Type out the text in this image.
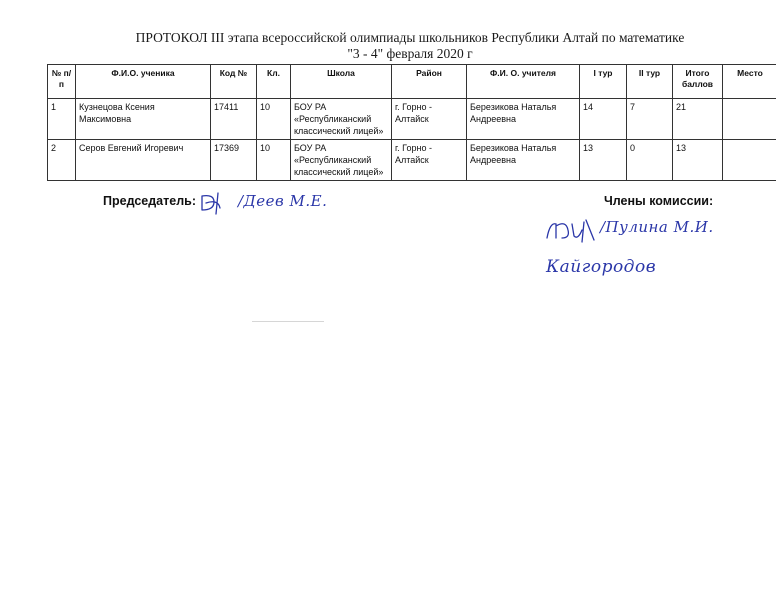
ПРОТОКОЛ III этапа всероссийской олимпиады школьников Республики Алтай по математике
"3 - 4" февраля 2020 г
№ п/п	Ф.И.О. ученика	Код №	Кл.	Школа	Район	Ф.И. О. учителя	I тур	II тур	Итого баллов	Место
1	Кузнецова Ксения Максимовна	17411	10	БОУ РА «Республиканский классический лицей»	г. Горно - Алтайск	Березикова Наталья Андреевна	14	7	21	
2	Серов Евгений Игоревич	17369	10	БОУ РА «Республиканский классический лицей»	г. Горно - Алтайск	Березикова Наталья Андреевна	13	0	13	
Председатель:	Члены комиссии:
/Деев М.Е.
/Пулина М.И.
Кайгородов
